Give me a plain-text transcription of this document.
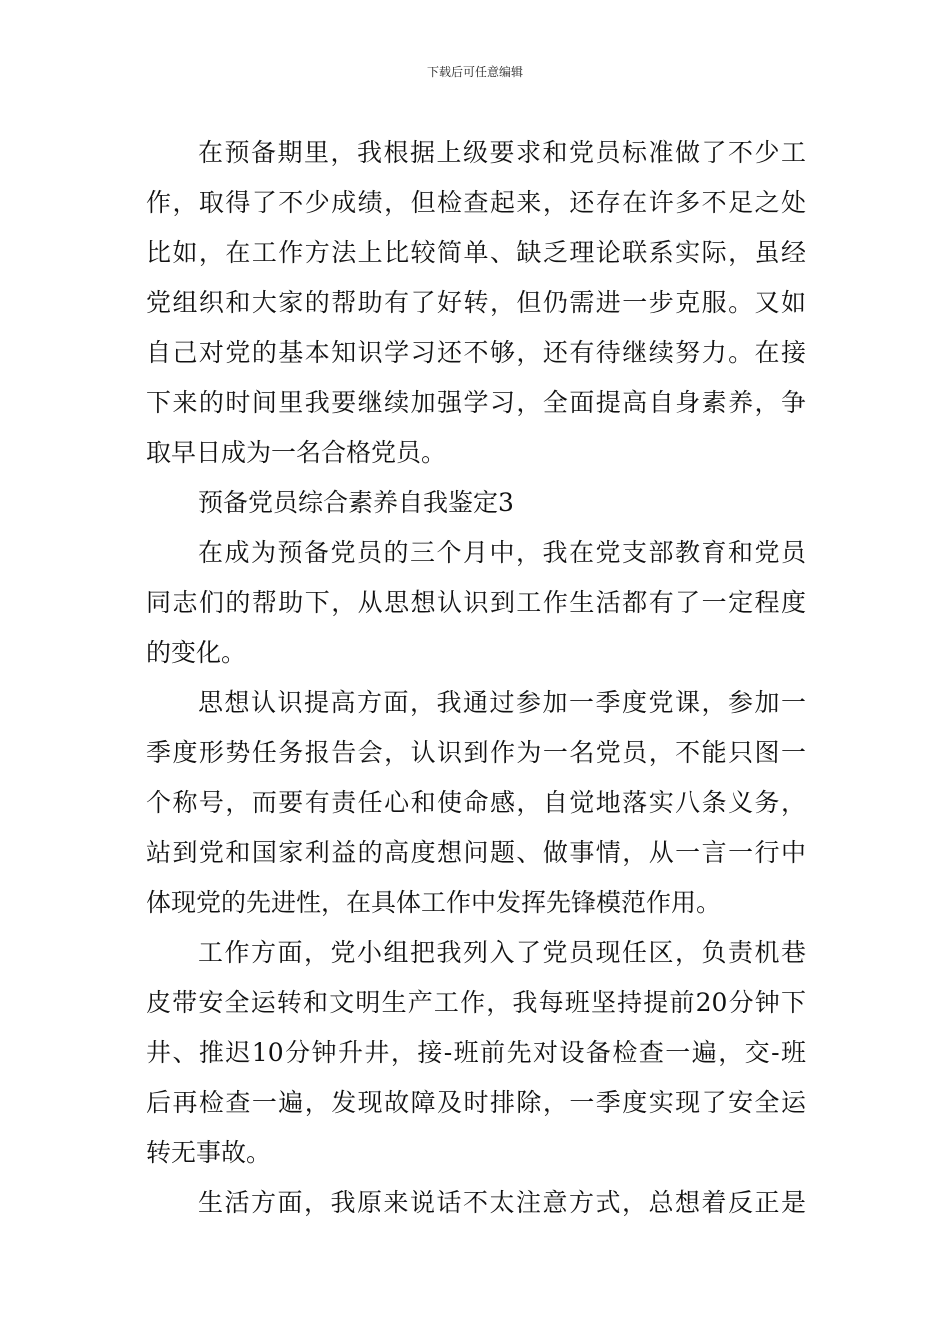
下载后可任意编辑
在预备期里，我根据上级要求和党员标准做了不少工
作，取得了不少成绩，但检查起来，还存在许多不足之处
比如，在工作方法上比较简单、缺乏理论联系实际，虽经
党组织和大家的帮助有了好转，但仍需进一步克服。又如
自己对党的基本知识学习还不够，还有待继续努力。在接
下来的时间里我要继续加强学习，全面提高自身素养，争
取早日成为一名合格党员。
预备党员综合素养自我鉴定3
在成为预备党员的三个月中，我在党支部教育和党员
同志们的帮助下，从思想认识到工作生活都有了一定程度
的变化。
思想认识提高方面，我通过参加一季度党课，参加一
季度形势任务报告会，认识到作为一名党员，不能只图一
个称号，而要有责任心和使命感，自觉地落实八条义务，
站到党和国家利益的高度想问题、做事情，从一言一行中
体现党的先进性，在具体工作中发挥先锋模范作用。
工作方面，党小组把我列入了党员现任区，负责机巷
皮带安全运转和文明生产工作，我每班坚持提前20分钟下
井、推迟10分钟升井，接-班前先对设备检查一遍，交-班
后再检查一遍，发现故障及时排除，一季度实现了安全运
转无事故。
生活方面，我原来说话不太注意方式，总想着反正是
